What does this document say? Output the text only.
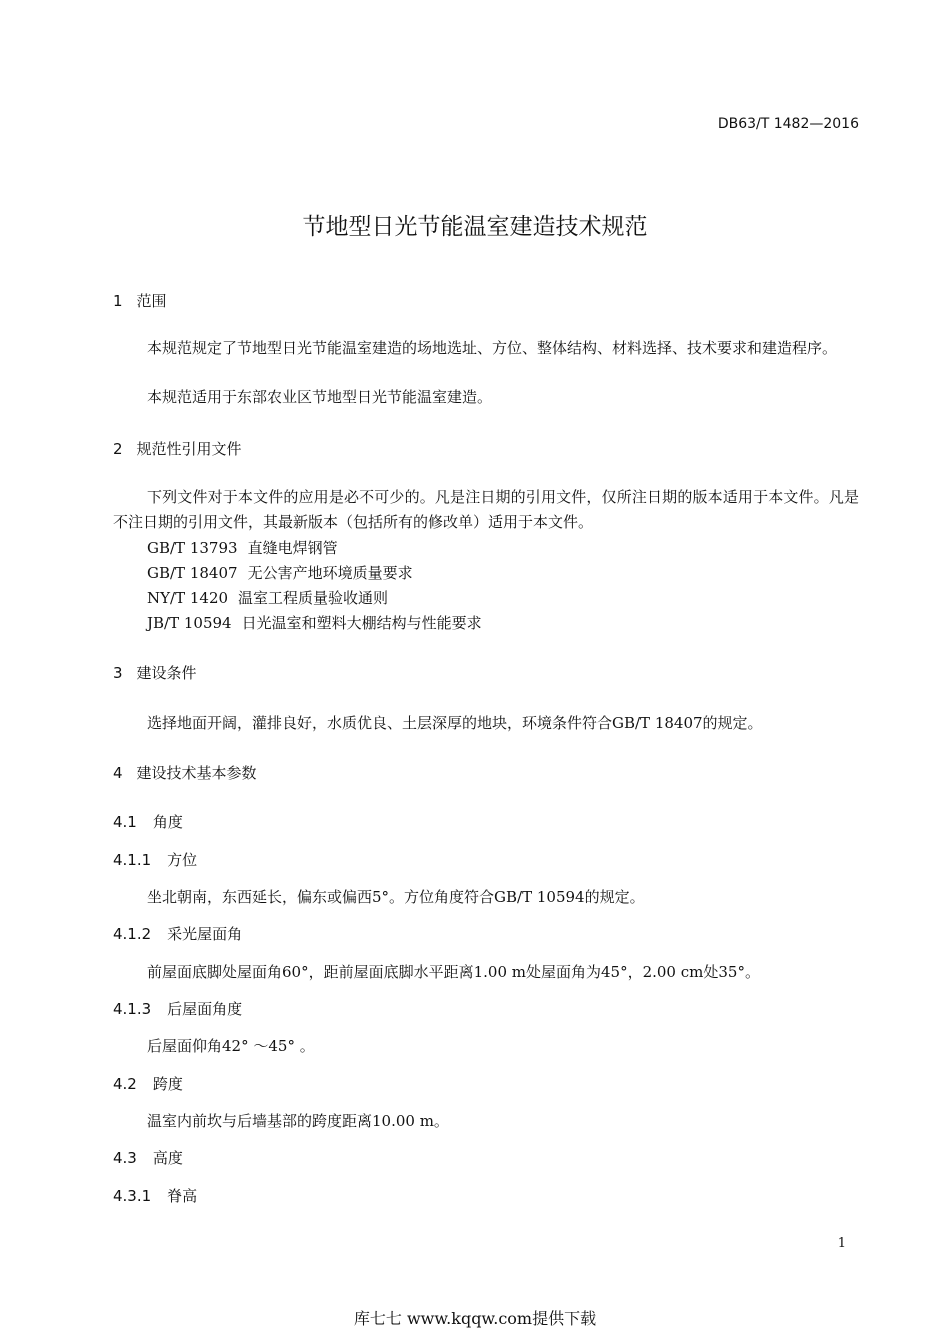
DB63/T 1482—2016
节地型日光节能温室建造技术规范
1 范围
本规范规定了节地型日光节能温室建造的场地选址、方位、整体结构、材料选择、技术要求和建造程序。
本规范适用于东部农业区节地型日光节能温室建造。
2 规范性引用文件
下列文件对于本文件的应用是必不可少的。凡是注日期的引用文件，仅所注日期的版本适用于本文件。凡是不注日期的引用文件，其最新版本（包括所有的修改单）适用于本文件。
GB/T 13793 直缝电焊钢管
GB/T 18407 无公害产地环境质量要求
NY/T 1420 温室工程质量验收通则
JB/T 10594 日光温室和塑料大棚结构与性能要求
3 建设条件
选择地面开阔，灌排良好，水质优良、土层深厚的地块，环境条件符合GB/T 18407的规定。
4 建设技术基本参数
4.1 角度
4.1.1 方位
坐北朝南，东西延长，偏东或偏西5°。方位角度符合GB/T 10594的规定。
4.1.2 采光屋面角
前屋面底脚处屋面角60°，距前屋面底脚水平距离1.00 m处屋面角为45°，2.00 cm处35°。
4.1.3 后屋面角度
后屋面仰角42° ～45° 。
4.2 跨度
温室内前坎与后墙基部的跨度距离10.00 m。
4.3 高度
4.3.1 脊高
1
库七七 www.kqqw.com提供下载
